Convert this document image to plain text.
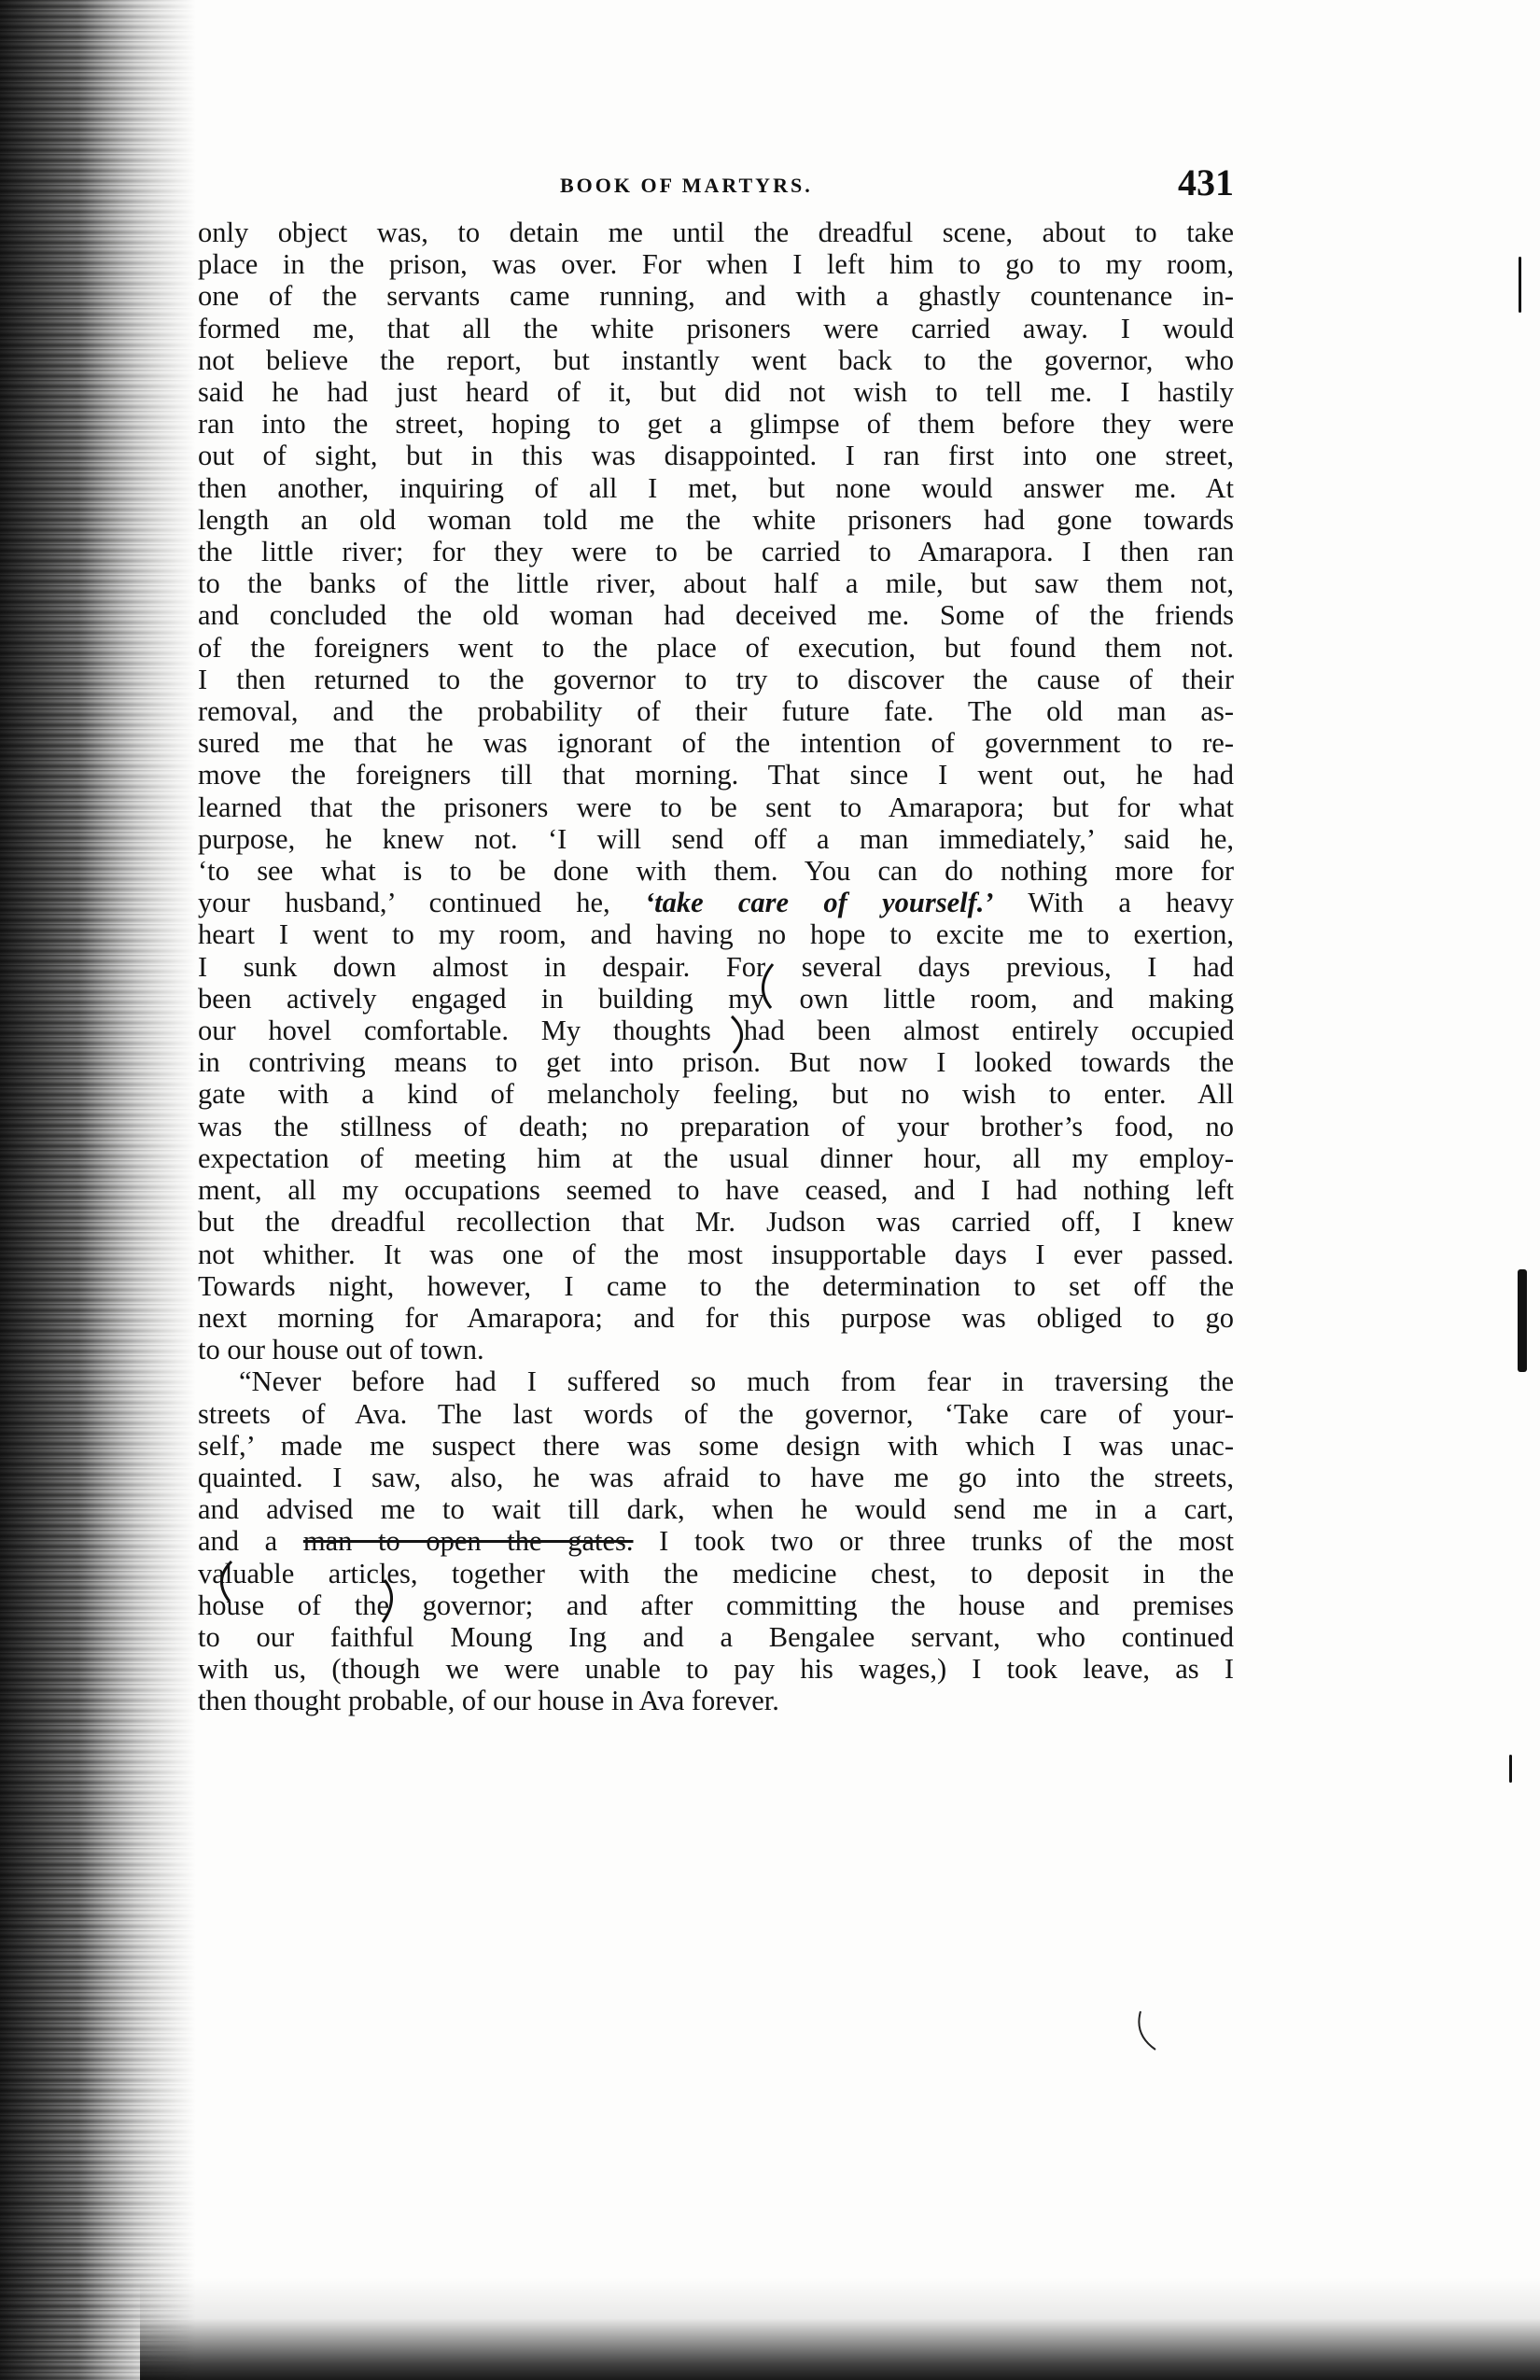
BOOK OF MARTYRS.	431
only object was, to detain me until the dreadful scene, about to take
place in the prison, was over. For when I left him to go to my room,
one of the servants came running, and with a ghastly countenance in-
formed me, that all the white prisoners were carried away. I would
not believe the report, but instantly went back to the governor, who
said he had just heard of it, but did not wish to tell me. I hastily
ran into the street, hoping to get a glimpse of them before they were
out of sight, but in this was disappointed. I ran first into one street,
then another, inquiring of all I met, but none would answer me. At
length an old woman told me the white prisoners had gone towards
the little river; for they were to be carried to Amarapora. I then ran
to the banks of the little river, about half a mile, but saw them not,
and concluded the old woman had deceived me. Some of the friends
of the foreigners went to the place of execution, but found them not.
I then returned to the governor to try to discover the cause of their
removal, and the probability of their future fate. The old man as-
sured me that he was ignorant of the intention of government to re-
move the foreigners till that morning. That since I went out, he had
learned that the prisoners were to be sent to Amarapora; but for what
purpose, he knew not. ‘I will send off a man immediately,’ said he,
‘to see what is to be done with them. You can do nothing more for
your husband,’ continued he, ‘take care of yourself.’ With a heavy
heart I went to my room, and having no hope to excite me to exertion,
I sunk down almost in despair. For several days previous, I had
been actively engaged in building my own little room, and making
our hovel comfortable. My thoughts had been almost entirely occupied
in contriving means to get into prison. But now I looked towards the
gate with a kind of melancholy feeling, but no wish to enter. All
was the stillness of death; no preparation of your brother’s food, no
expectation of meeting him at the usual dinner hour, all my employ-
ment, all my occupations seemed to have ceased, and I had nothing left
but the dreadful recollection that Mr. Judson was carried off, I knew
not whither. It was one of the most insupportable days I ever passed.
Towards night, however, I came to the determination to set off the
next morning for Amarapora; and for this purpose was obliged to go
to our house out of town.
“Never before had I suffered so much from fear in traversing the
streets of Ava. The last words of the governor, ‘Take care of your-
self,’ made me suspect there was some design with which I was unac-
quainted. I saw, also, he was afraid to have me go into the streets,
and advised me to wait till dark, when he would send me in a cart,
and a man to open the gates. I took two or three trunks of the most
valuable articles, together with the medicine chest, to deposit in the
house of the governor; and after committing the house and premises
to our faithful Moung Ing and a Bengalee servant, who continued
with us, (though we were unable to pay his wages,) I took leave, as I
then thought probable, of our house in Ava forever.
